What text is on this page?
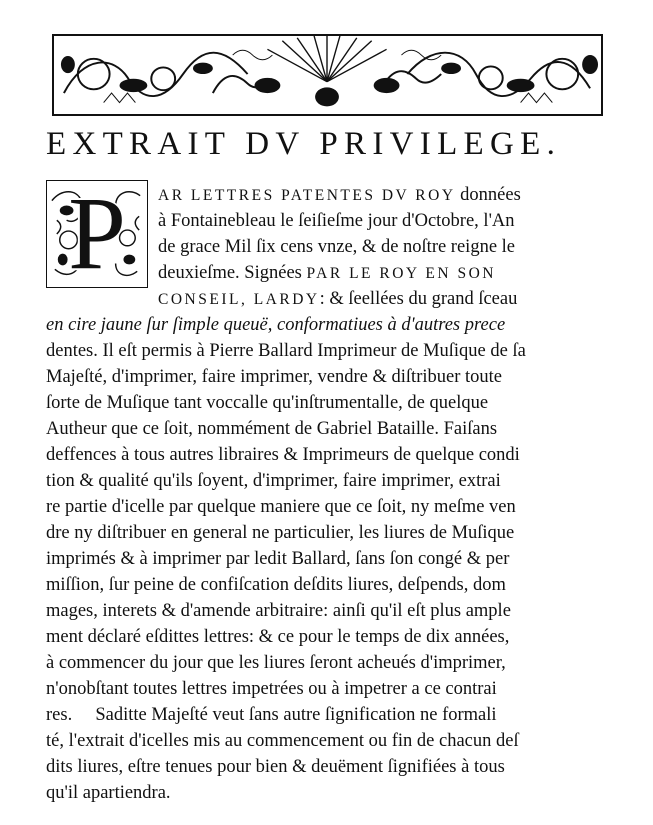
EXTRAIT DV PRIVILEGE.
P	AR LETTRES PATENTES DV ROY données
à Fontainebleau le ſeiſieſme jour d'Octobre, l'An
de grace Mil ſix cens vnze, & de noſtre reigne le
deuxieſme. Signées PAR LE ROY EN SON
CONSEIL, LARDY: & ſeellées du grand ſceau
en cire jaune ſur ſimple queuë, conformatiues à d'autres prece
dentes. Il eſt permis à Pierre Ballard Imprimeur de Muſique de ſa
Majeſté, d'imprimer, faire imprimer, vendre & diſtribuer toute
ſorte de Muſique tant voccalle qu'inſtrumentalle, de quelque
Autheur que ce ſoit, nommément de Gabriel Bataille. Faiſans
deffences à tous autres libraires & Imprimeurs de quelque condi
tion & qualité qu'ils ſoyent, d'imprimer, faire imprimer, extrai
re partie d'icelle par quelque maniere que ce ſoit, ny meſme ven
dre ny diſtribuer en general ne particulier, les liures de Muſique
imprimés & à imprimer par ledit Ballard, ſans ſon congé & per
miſſion, ſur peine de confiſcation deſdits liures, deſpends, dom
mages, interets & d'amende arbitraire: ainſi qu'il eſt plus ample
ment déclaré eſdittes lettres: & ce pour le temps de dix années,
à commencer du jour que les liures ſeront acheués d'imprimer,
n'onobſtant toutes lettres impetrées ou à impetrer a ce contrai
res.     Saditte Majeſté veut ſans autre ſignification ne formali
té, l'extrait d'icelles mis au commencement ou fin de chacun deſ
dits liures, eſtre tenues pour bien & deuëment ſignifiées à tous
qu'il apartiendra.
